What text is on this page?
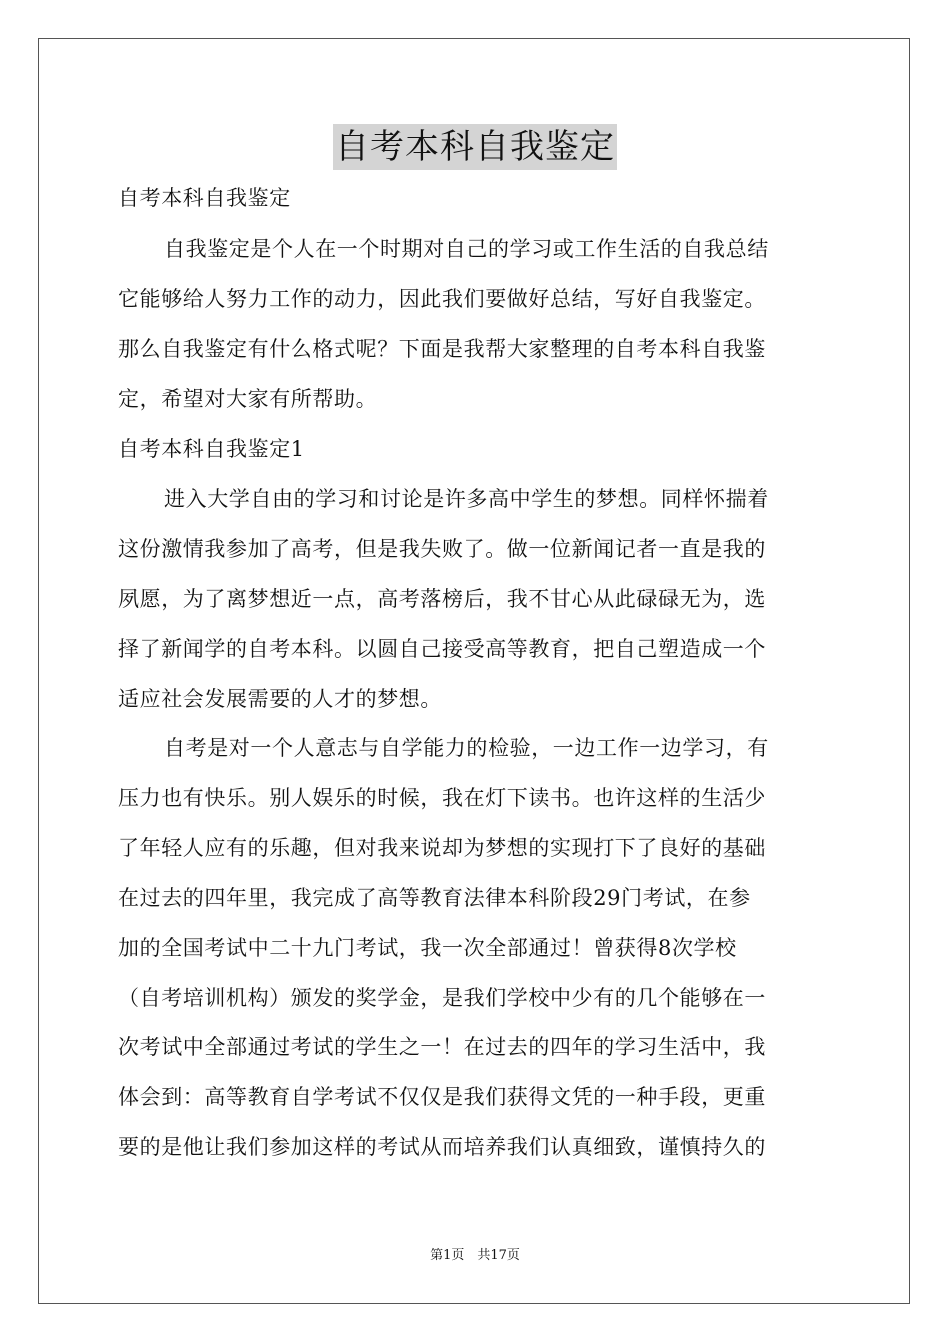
自考本科自我鉴定
自考本科自我鉴定
自我鉴定是个人在一个时期对自己的学习或工作生活的自我总结
它能够给人努力工作的动力，因此我们要做好总结，写好自我鉴定。
那么自我鉴定有什么格式呢？下面是我帮大家整理的自考本科自我鉴
定，希望对大家有所帮助。
自考本科自我鉴定1
进入大学自由的学习和讨论是许多高中学生的梦想。同样怀揣着
这份激情我参加了高考，但是我失败了。做一位新闻记者一直是我的
夙愿，为了离梦想近一点，高考落榜后，我不甘心从此碌碌无为，选
择了新闻学的自考本科。以圆自己接受高等教育，把自己塑造成一个
适应社会发展需要的人才的梦想。
自考是对一个人意志与自学能力的检验，一边工作一边学习，有
压力也有快乐。别人娱乐的时候，我在灯下读书。也许这样的生活少
了年轻人应有的乐趣，但对我来说却为梦想的实现打下了良好的基础
在过去的四年里，我完成了高等教育法律本科阶段29门考试，在参
加的全国考试中二十九门考试，我一次全部通过！曾获得8次学校
（自考培训机构）颁发的奖学金，是我们学校中少有的几个能够在一
次考试中全部通过考试的学生之一！在过去的四年的学习生活中，我
体会到：高等教育自学考试不仅仅是我们获得文凭的一种手段，更重
要的是他让我们参加这样的考试从而培养我们认真细致，谨慎持久的
第1页　共17页
